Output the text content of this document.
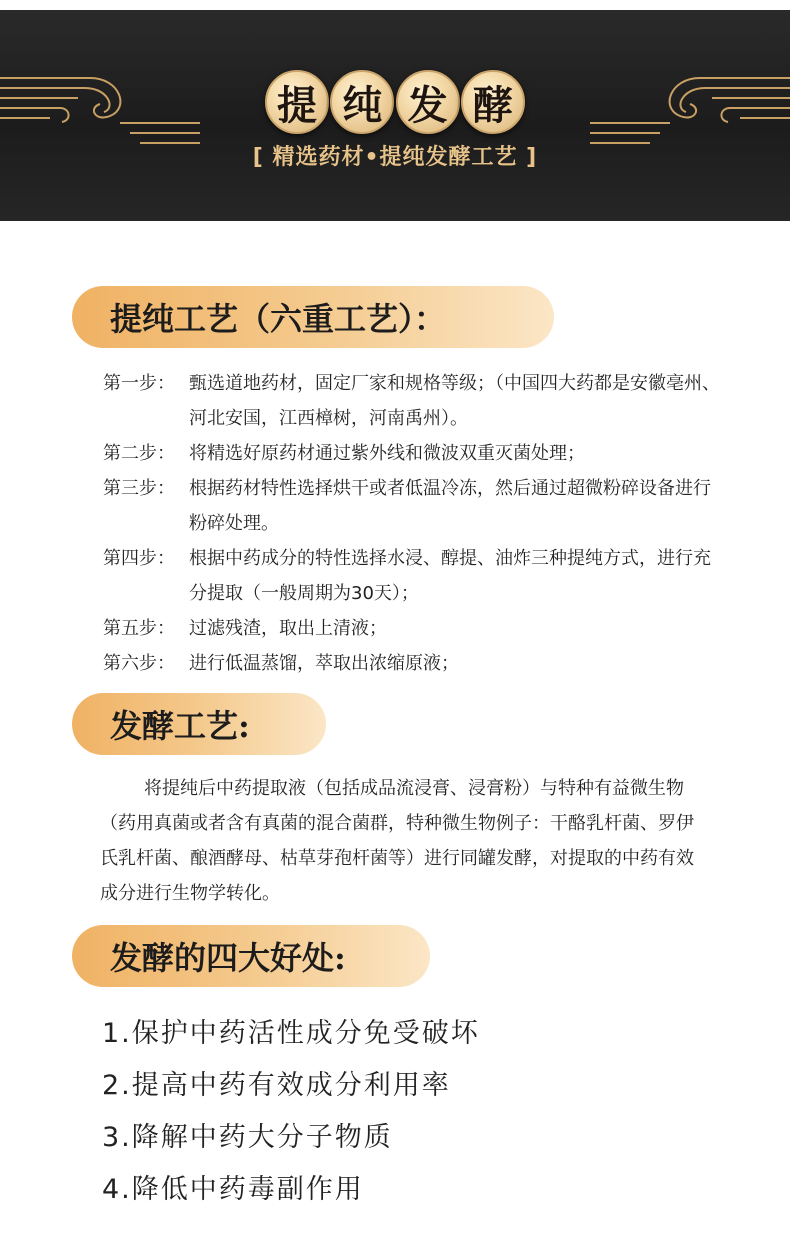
提 纯 发 酵
[ 精选药材•提纯发酵工艺 ]
提纯工艺（六重工艺）：
第一步： 甄选道地药材，固定厂家和规格等级；（中国四大药都是安徽亳州、河北安国，江西樟树，河南禹州）。
第二步： 将精选好原药材通过紫外线和微波双重灭菌处理；
第三步： 根据药材特性选择烘干或者低温冷冻，然后通过超微粉碎设备进行粉碎处理。
第四步： 根据中药成分的特性选择水浸、醇提、油炸三种提纯方式，进行充分提取（一般周期为30天）；
第五步： 过滤残渣，取出上清液；
第六步： 进行低温蒸馏，萃取出浓缩原液；
发酵工艺:

将提纯后中药提取液（包括成品流浸膏、浸膏粉）与特种有益微生物（药用真菌或者含有真菌的混合菌群，特种微生物例子：干酪乳杆菌、罗伊氏乳杆菌、酿酒酵母、枯草芽孢杆菌等）进行同罐发酵，对提取的中药有效成分进行生物学转化。

发酵的四大好处:
1.保护中药活性成分免受破坏
2.提高中药有效成分利用率
3.降解中药大分子物质
4.降低中药毒副作用
